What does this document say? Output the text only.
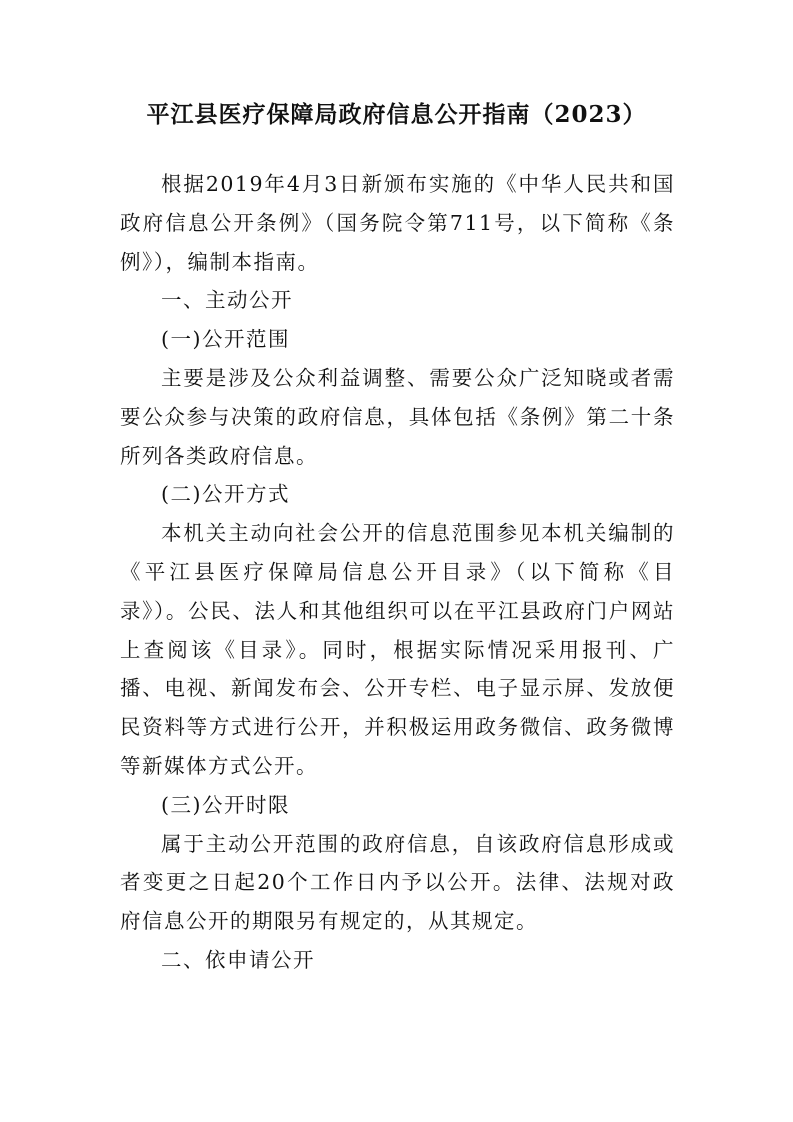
平江县医疗保障局政府信息公开指南（2023）

根据2019年4月3日新颁布实施的《中华人民共和国政府信息公开条例》（国务院令第711号，以下简称《条例》），编制本指南。

一、主动公开

(一)公开范围

主要是涉及公众利益调整、需要公众广泛知晓或者需要公众参与决策的政府信息，具体包括《条例》第二十条所列各类政府信息。

(二)公开方式

本机关主动向社会公开的信息范围参见本机关编制的《平江县医疗保障局信息公开目录》（以下简称《目录》）。公民、法人和其他组织可以在平江县政府门户网站上查阅该《目录》。同时，根据实际情况采用报刊、广播、电视、新闻发布会、公开专栏、电子显示屏、发放便民资料等方式进行公开，并积极运用政务微信、政务微博等新媒体方式公开。

(三)公开时限

属于主动公开范围的政府信息，自该政府信息形成或者变更之日起20个工作日内予以公开。法律、法规对政府信息公开的期限另有规定的，从其规定。

二、依申请公开
